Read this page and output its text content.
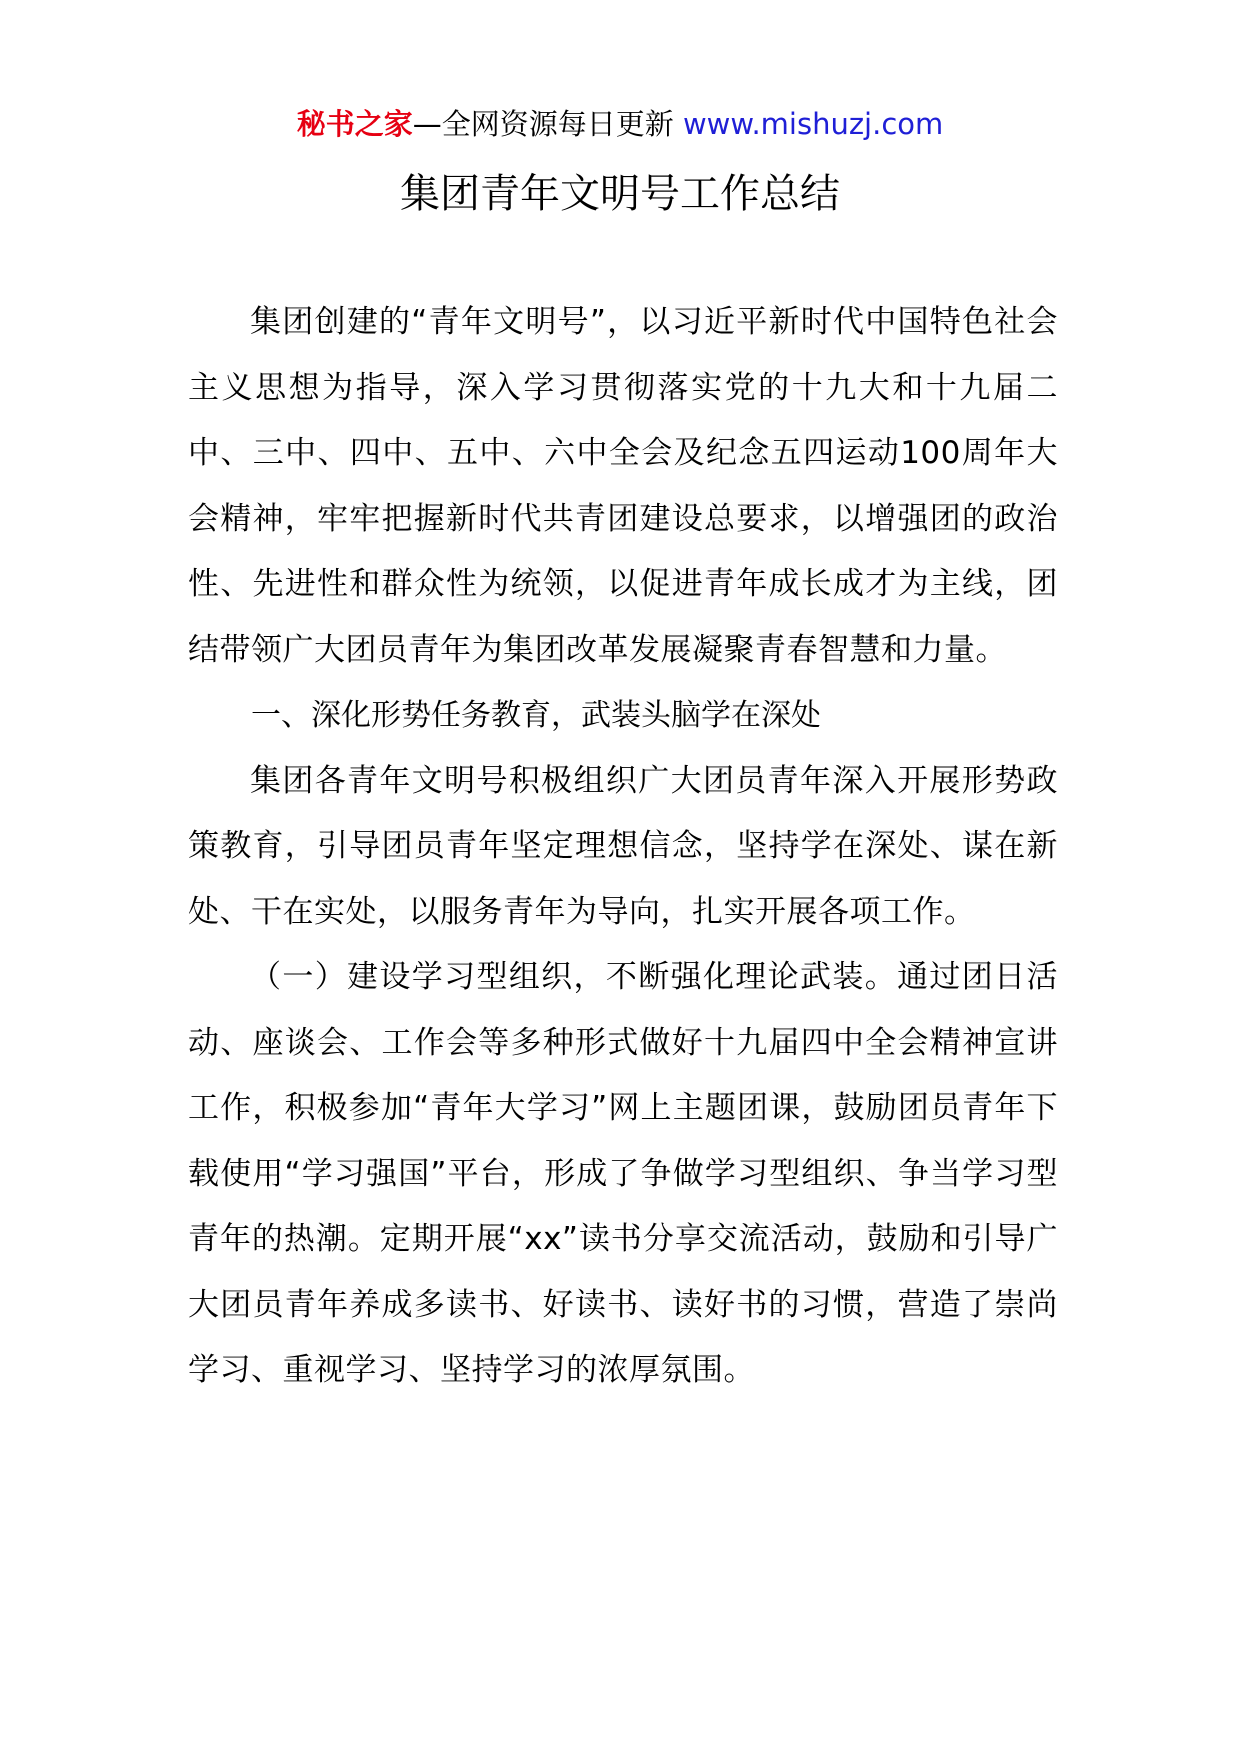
秘书之家—全网资源每日更新 www.mishuzj.com
集团青年文明号工作总结

集团创建的“青年文明号”，以习近平新时代中国特色社会主义思想为指导，深入学习贯彻落实党的十九大和十九届二中、三中、四中、五中、六中全会及纪念五四运动100周年大会精神，牢牢把握新时代共青团建设总要求，以增强团的政治性、先进性和群众性为统领，以促进青年成长成才为主线，团结带领广大团员青年为集团改革发展凝聚青春智慧和力量。

一、深化形势任务教育，武装头脑学在深处

集团各青年文明号积极组织广大团员青年深入开展形势政策教育，引导团员青年坚定理想信念，坚持学在深处、谋在新处、干在实处，以服务青年为导向，扎实开展各项工作。

（一）建设学习型组织，不断强化理论武装。通过团日活动、座谈会、工作会等多种形式做好十九届四中全会精神宣讲工作，积极参加“青年大学习”网上主题团课，鼓励团员青年下载使用“学习强国”平台，形成了争做学习型组织、争当学习型青年的热潮。定期开展“xx”读书分享交流活动，鼓励和引导广大团员青年养成多读书、好读书、读好书的习惯，营造了崇尚学习、重视学习、坚持学习的浓厚氛围。
